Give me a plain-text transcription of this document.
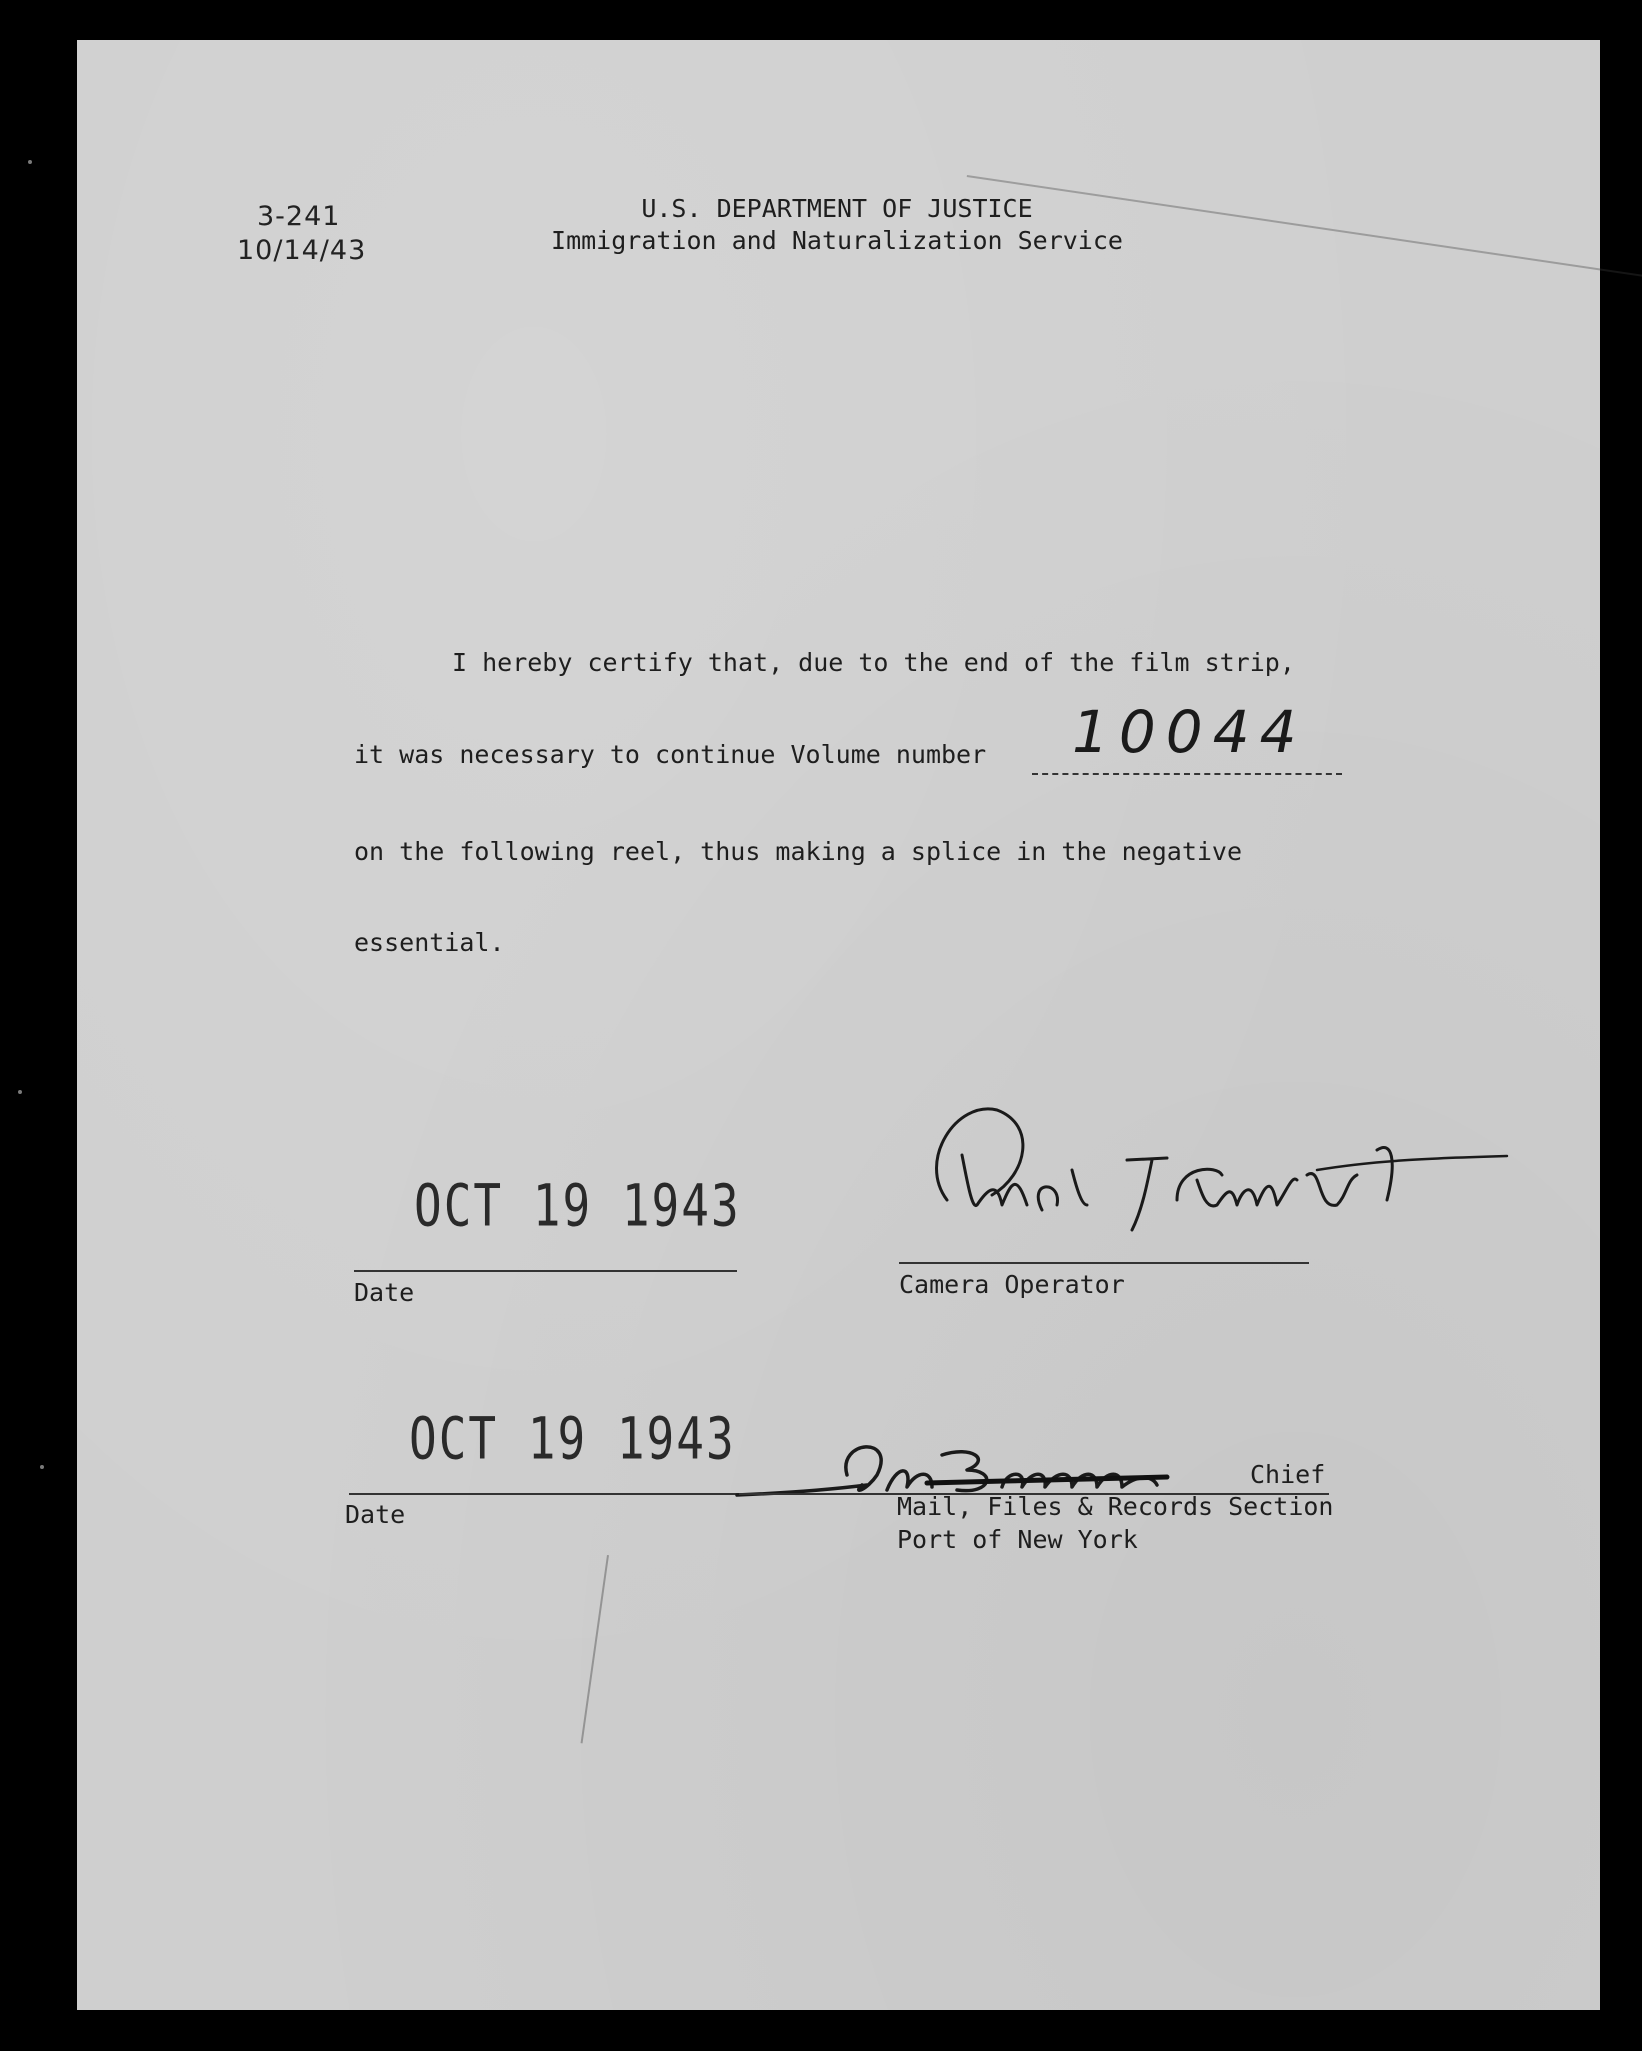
3-241
10/14/43
U.S. DEPARTMENT OF JUSTICE
Immigration and Naturalization Service
I hereby certify that, due to the end of the film strip,
it was necessary to continue Volume number 10044
on the following reel, thus making a splice in the negative
essential.
OCT 19 1943
Date	Camera Operator
OCT 19 1943
Date
Chief
Mail, Files & Records Section
Port of New York
